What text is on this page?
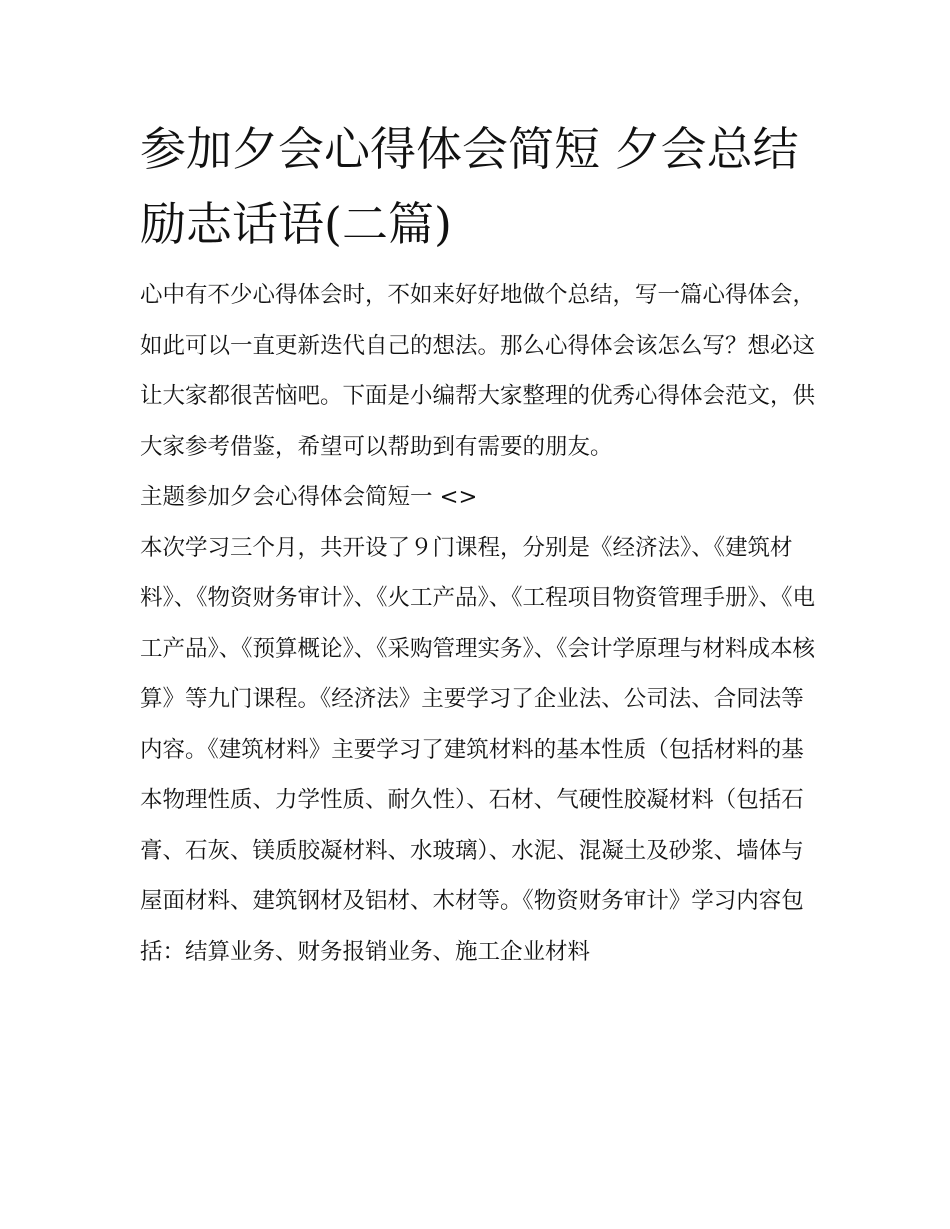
参加夕会心得体会简短 夕会总结励志话语(二篇)

心中有不少心得体会时，不如来好好地做个总结，写一篇心得体会，如此可以一直更新迭代自己的想法。那么心得体会该怎么写？想必这让大家都很苦恼吧。下面是小编帮大家整理的优秀心得体会范文，供大家参考借鉴，希望可以帮助到有需要的朋友。

主题参加夕会心得体会简短一 <>

本次学习三个月，共开设了９门课程，分别是《经济法》、《建筑材料》、《物资财务审计》、《火工产品》、《工程项目物资管理手册》、《电工产品》、《预算概论》、《采购管理实务》、《会计学原理与材料成本核算》等九门课程。《经济法》主要学习了企业法、公司法、合同法等内容。《建筑材料》主要学习了建筑材料的基本性质（包括材料的基本物理性质、力学性质、耐久性）、石材、气硬性胶凝材料（包括石膏、石灰、镁质胶凝材料、水玻璃）、水泥、混凝土及砂浆、墙体与屋面材料、建筑钢材及铝材、木材等。《物资财务审计》学习内容包括：结算业务、财务报销业务、施工企业材料
